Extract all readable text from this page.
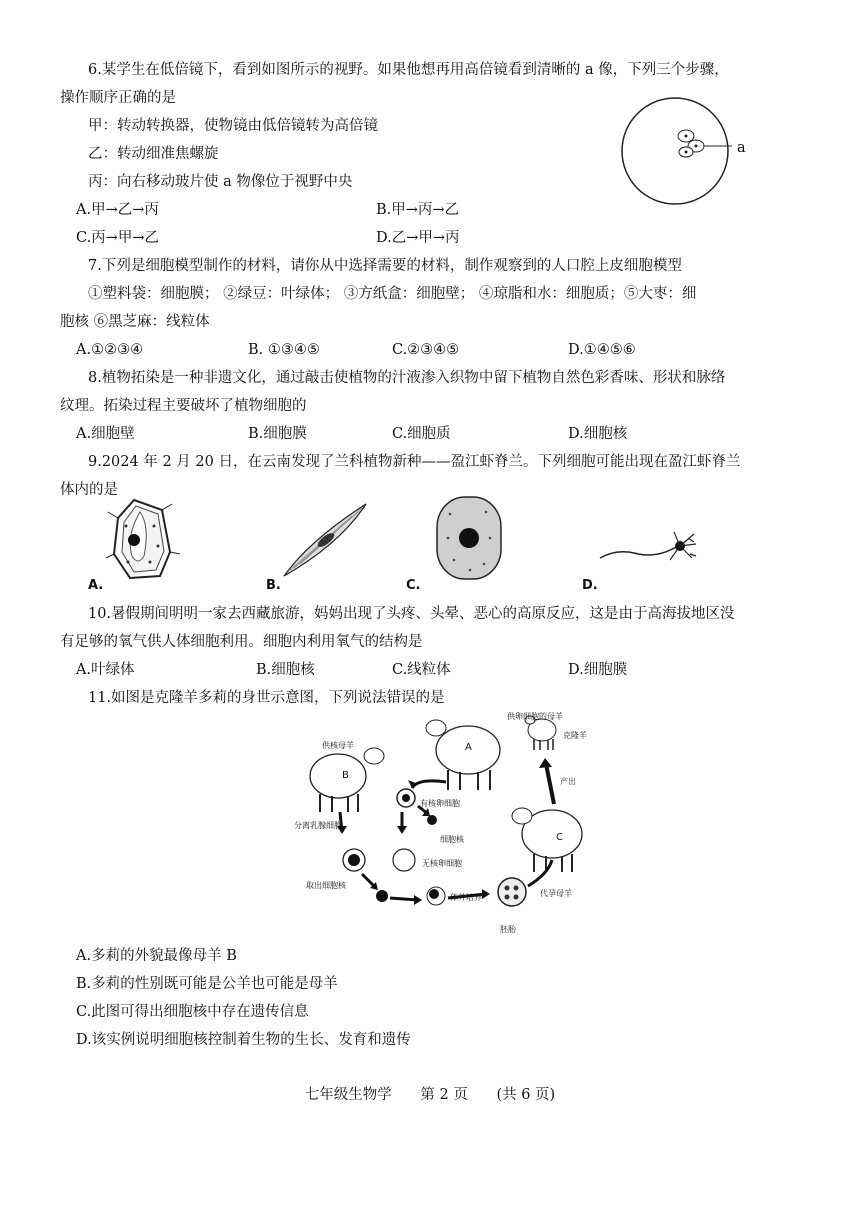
6.某学生在低倍镜下，看到如图所示的视野。如果他想再用高倍镜看到清晰的 a 像，下列三个步骤，
操作顺序正确的是
甲：转动转换器，使物镜由低倍镜转为高倍镜
乙：转动细准焦螺旋
丙：向右移动玻片使 a 物像位于视野中央
a
A.甲→乙→丙	B.甲→丙→乙
C.丙→甲→乙	D.乙→甲→丙
7.下列是细胞模型制作的材料，请你从中选择需要的材料，制作观察到的人口腔上皮细胞模型
①塑料袋：细胞膜； ②绿豆：叶绿体； ③方纸盒：细胞壁； ④琼脂和水：细胞质；⑤大枣：细
胞核 ⑥黑芝麻：线粒体
A.①②③④	B. ①③④⑤	C.②③④⑤	D.①④⑤⑥
8.植物拓染是一种非遗文化，通过敲击使植物的汁液渗入织物中留下植物自然色彩香味、形状和脉络
纹理。拓染过程主要破坏了植物细胞的
A.细胞壁	B.细胞膜	C.细胞质	D.细胞核
9.2024 年 2 月 20 日，在云南发现了兰科植物新种——盈江虾脊兰。下列细胞可能出现在盈江虾脊兰
体内的是
A.	B.	C.	D.
10.暑假期间明明一家去西藏旅游，妈妈出现了头疼、头晕、恶心的高原反应，这是由于高海拔地区没
有足够的氧气供人体细胞利用。细胞内利用氧气的结构是
A.叶绿体	B.细胞核	C.线粒体	D.细胞膜
11.如图是克隆羊多莉的身世示意图，下列说法错误的是
供卵细胞的母羊
供核母羊
克隆羊
产出
有核卵细胞
细胞核
无核卵细胞
分离乳腺细胞
取出细胞核
体外培养
胚胎
代孕母羊
A
B
C
A.多莉的外貌最像母羊 B
B.多莉的性别既可能是公羊也可能是母羊
C.此图可得出细胞核中存在遗传信息
D.该实例说明细胞核控制着生物的生长、发育和遗传
七年级生物学 第 2 页 (共 6 页)
